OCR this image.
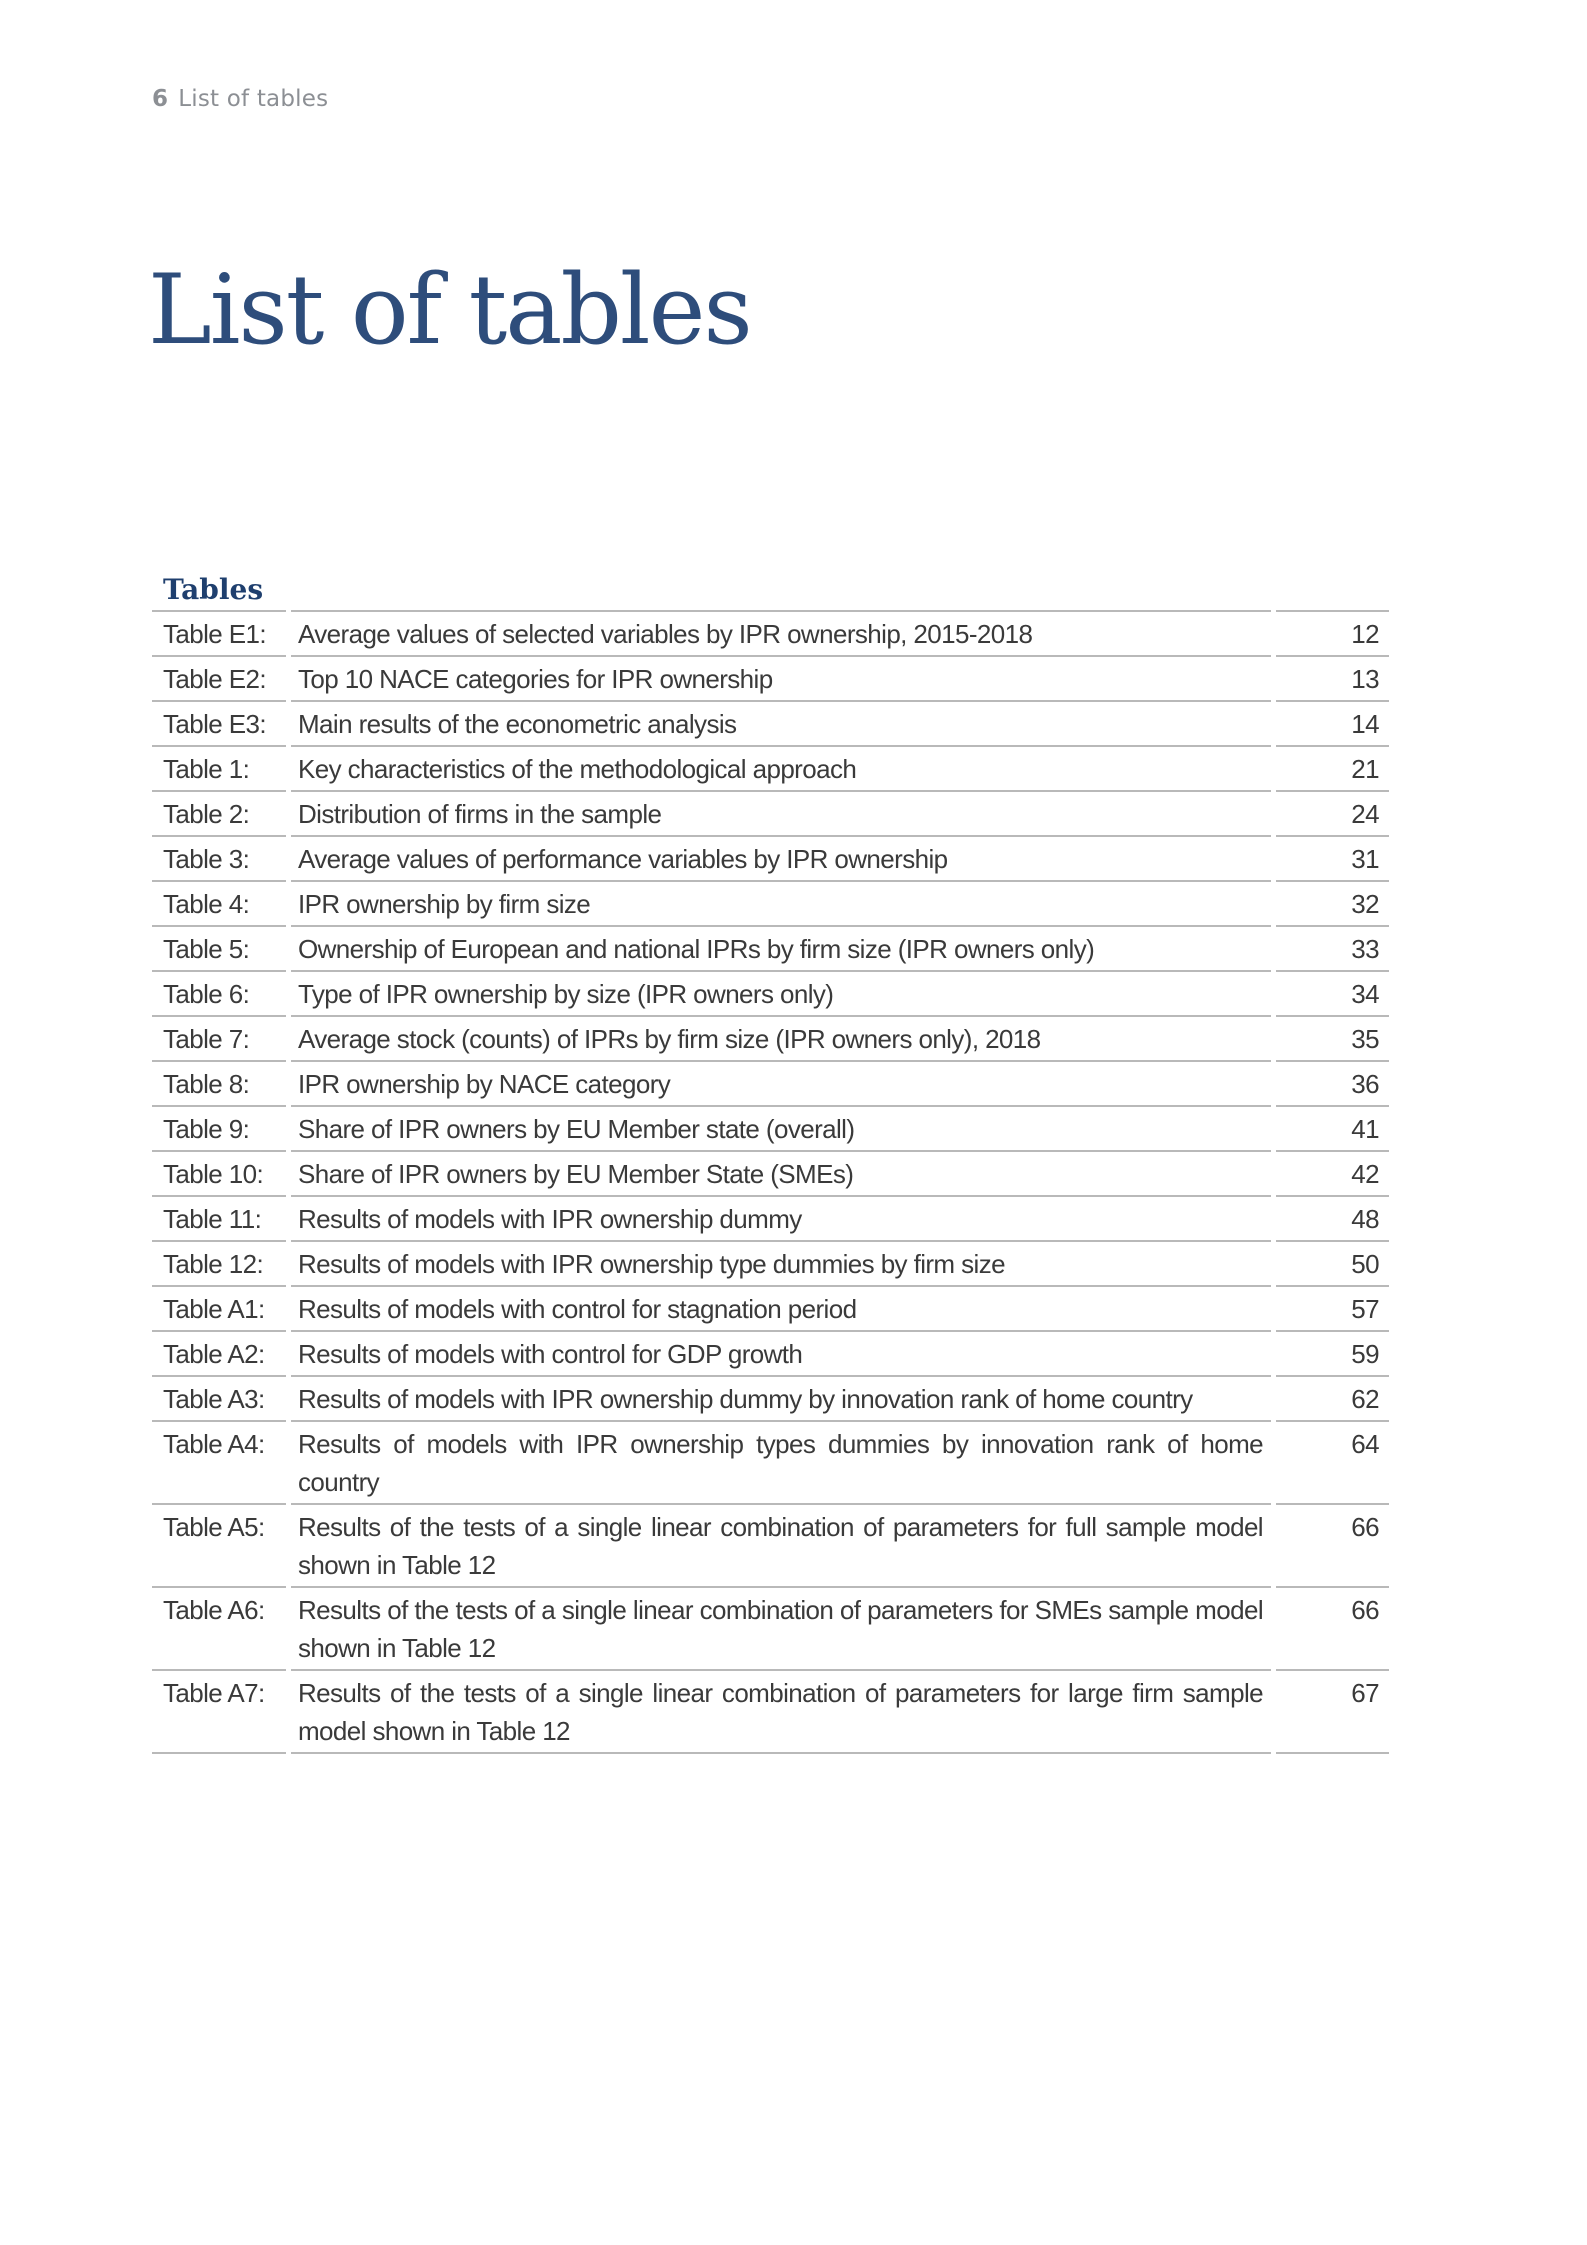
6 List of tables
List of tables
Tables
Table E1:		Average values of selected variables by IPR ownership, 2015-2018		12
Table E2:		Top 10 NACE categories for IPR ownership		13
Table E3:		Main results of the econometric analysis		14
Table 1:		Key characteristics of the methodological approach		21
Table 2:		Distribution of firms in the sample		24
Table 3:		Average values of performance variables by IPR ownership		31
Table 4:		IPR ownership by firm size		32
Table 5:		Ownership of European and national IPRs by firm size (IPR owners only)		33
Table 6:		Type of IPR ownership by size (IPR owners only)		34
Table 7:		Average stock (counts) of IPRs by firm size (IPR owners only), 2018		35
Table 8:		IPR ownership by NACE category		36
Table 9:		Share of IPR owners by EU Member state (overall)		41
Table 10:		Share of IPR owners by EU Member State (SMEs)		42
Table 11:		Results of models with IPR ownership dummy		48
Table 12:		Results of models with IPR ownership type dummies by firm size		50
Table A1:		Results of models with control for stagnation period		57
Table A2:		Results of models with control for GDP growth		59
Table A3:		Results of models with IPR ownership dummy by innovation rank of home country		62
Table A4:		Results of models with IPR ownership types dummies by innovation rank of home country		64
Table A5:		Results of the tests of a single linear combination of parameters for full sample model shown in Table 12		66
Table A6:		Results of the tests of a single linear combination of parameters for SMEs sample model shown in Table 12		66
Table A7:		Results of the tests of a single linear combination of parameters for large firm sample model shown in Table 12		67
